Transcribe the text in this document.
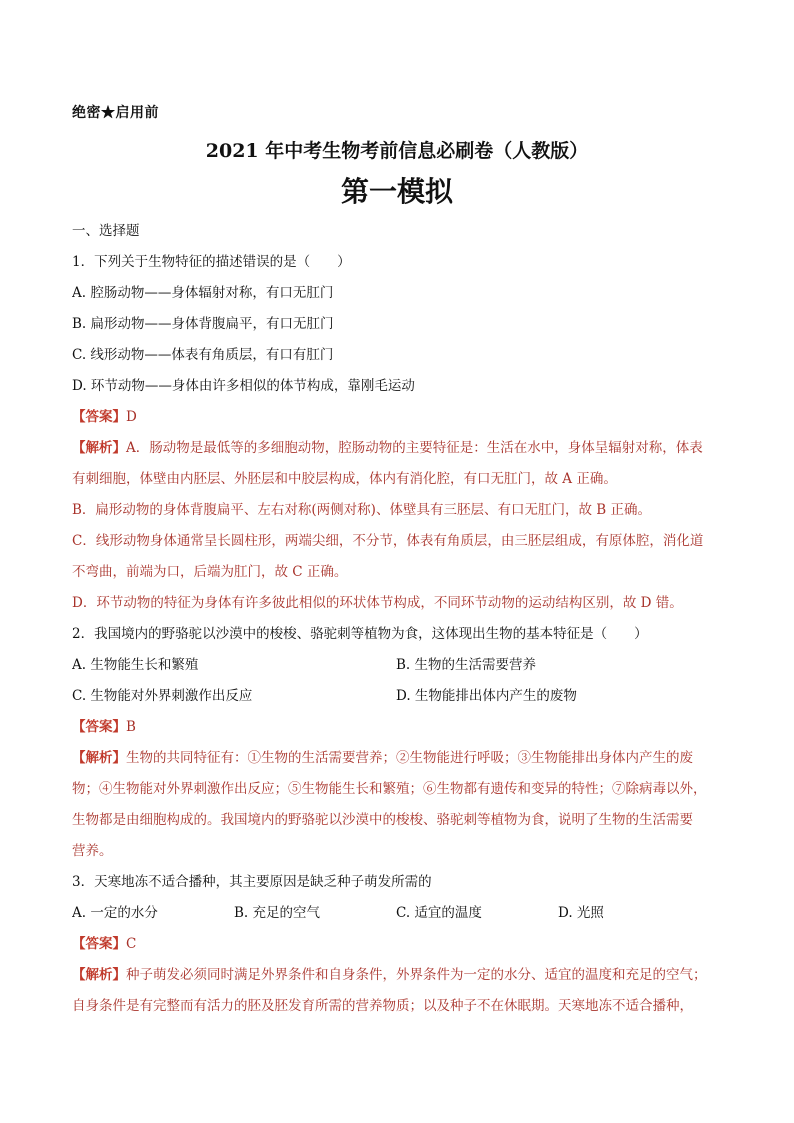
绝密★启用前
2021 年中考生物考前信息必刷卷（人教版）
第一模拟
一、选择题
1．下列关于生物特征的描述错误的是（　　）
A. 腔肠动物——身体辐射对称，有口无肛门
B. 扁形动物——身体背腹扁平，有口无肛门
C. 线形动物——体表有角质层，有口有肛门
D. 环节动物——身体由许多相似的体节构成，靠刚毛运动
【答案】D
【解析】A．肠动物是最低等的多细胞动物，腔肠动物的主要特征是：生活在水中，身体呈辐射对称，体表
有刺细胞，体壁由内胚层、外胚层和中胶层构成，体内有消化腔，有口无肛门，故 A 正确。
B．扁形动物的身体背腹扁平、左右对称(两侧对称)、体壁具有三胚层、有口无肛门，故 B 正确。
C．线形动物身体通常呈长圆柱形，两端尖细，不分节，体表有角质层，由三胚层组成，有原体腔，消化道
不弯曲，前端为口，后端为肛门，故 C 正确。
D．环节动物的特征为身体有许多彼此相似的环状体节构成，不同环节动物的运动结构区别，故 D 错。
2．我国境内的野骆驼以沙漠中的梭梭、骆驼刺等植物为食，这体现出生物的基本特征是（　　）
A. 生物能生长和繁殖	B. 生物的生活需要营养
C. 生物能对外界刺激作出反应	D. 生物能排出体内产生的废物
【答案】B
【解析】生物的共同特征有：①生物的生活需要营养；②生物能进行呼吸；③生物能排出身体内产生的废
物；④生物能对外界刺激作出反应；⑤生物能生长和繁殖；⑥生物都有遗传和变异的特性；⑦除病毒以外，
生物都是由细胞构成的。我国境内的野骆驼以沙漠中的梭梭、骆驼刺等植物为食，说明了生物的生活需要
营养。
3．天寒地冻不适合播种，其主要原因是缺乏种子萌发所需的
A. 一定的水分	B. 充足的空气	C. 适宜的温度	D. 光照
【答案】C
【解析】种子萌发必须同时满足外界条件和自身条件，外界条件为一定的水分、适宜的温度和充足的空气；
自身条件是有完整而有活力的胚及胚发育所需的营养物质；以及种子不在休眠期。天寒地冻不适合播种，
